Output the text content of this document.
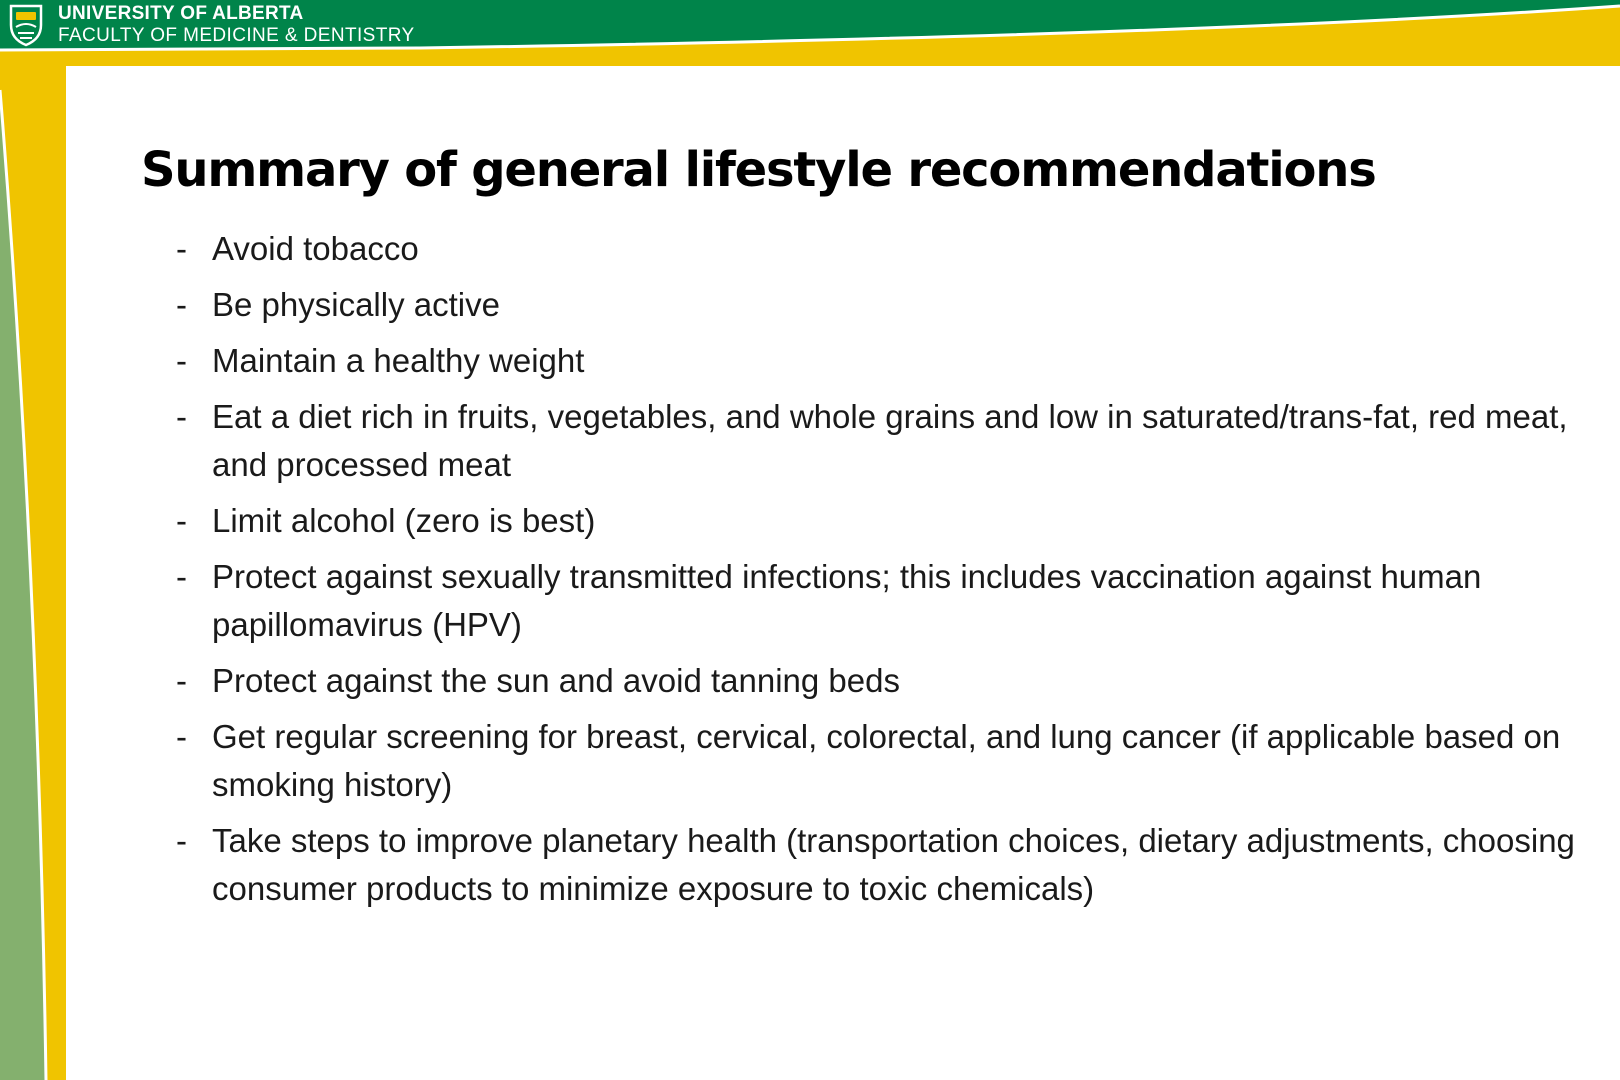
UNIVERSITY OF ALBERTA
FACULTY OF MEDICINE & DENTISTRY
Summary of general lifestyle recommendations
- Avoid tobacco
- Be physically active
- Maintain a healthy weight
- Eat a diet rich in fruits, vegetables, and whole grains and low in saturated/trans-fat, red meat, and processed meat
- Limit alcohol (zero is best)
- Protect against sexually transmitted infections; this includes vaccination against human papillomavirus (HPV)
- Protect against the sun and avoid tanning beds
- Get regular screening for breast, cervical, colorectal, and lung cancer (if applicable based on smoking history)
- Take steps to improve planetary health (transportation choices, dietary adjustments, choosing consumer products to minimize exposure to toxic chemicals)
